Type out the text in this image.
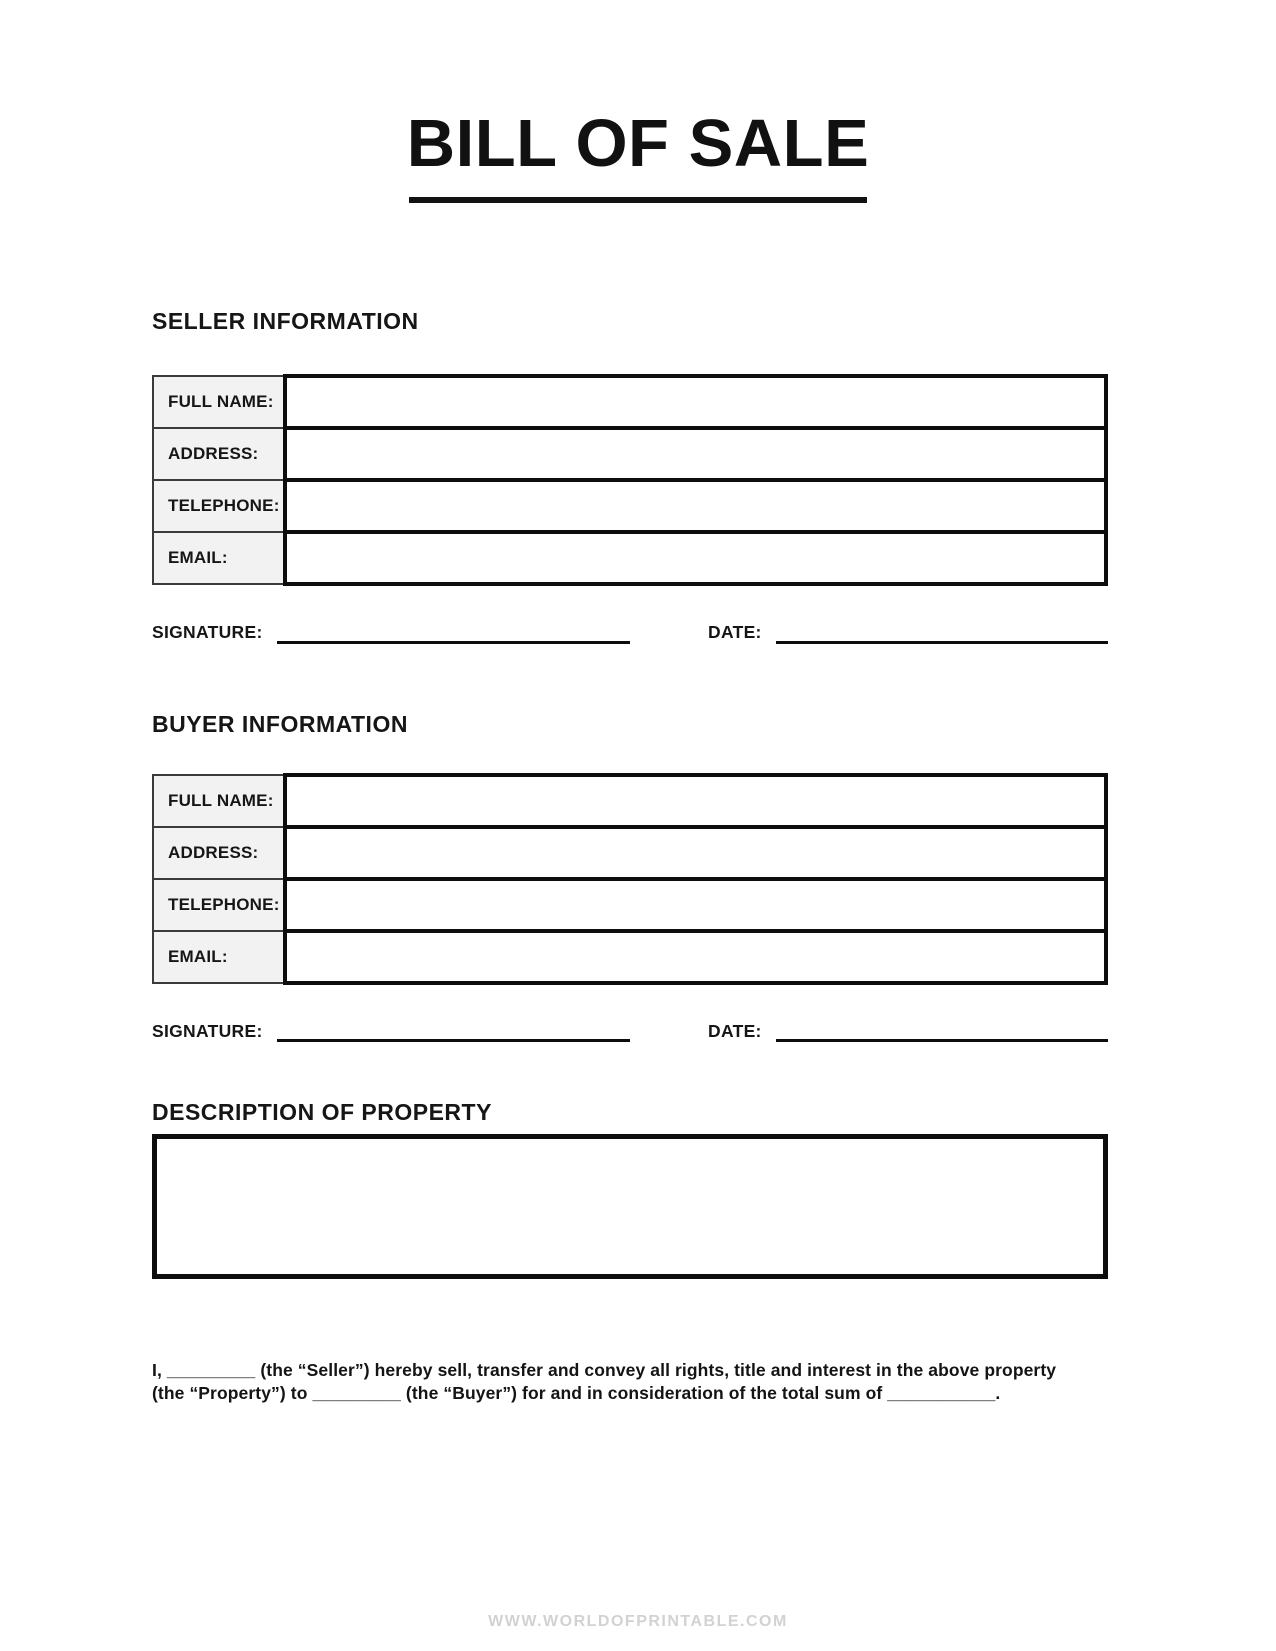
BILL OF SALE
SELLER INFORMATION
FULL NAME:	
ADDRESS:	
TELEPHONE:	
EMAIL:	
SIGNATURE:	DATE:
BUYER INFORMATION
FULL NAME:	
ADDRESS:	
TELEPHONE:	
EMAIL:	
SIGNATURE:	DATE:
DESCRIPTION OF PROPERTY

I, _________ (the “Seller”) hereby sell, transfer and convey all rights, title and interest in the above property
(the “Property”) to _________ (the “Buyer”) for and in consideration of the total sum of ___________.

WWW.WORLDOFPRINTABLE.COM
